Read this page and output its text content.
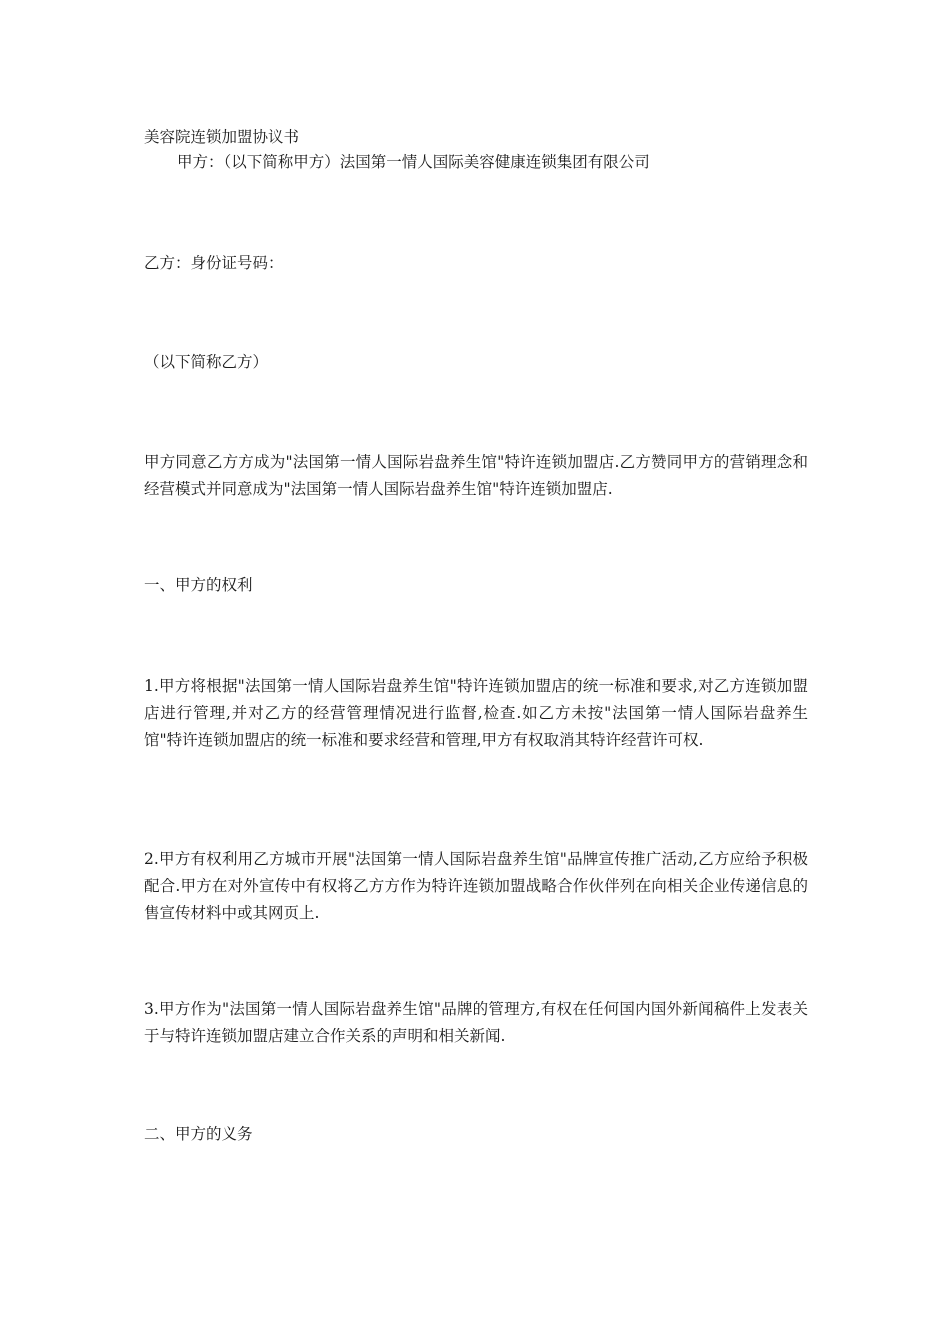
美容院连锁加盟协议书
甲方：（以下简称甲方）法国第一情人国际美容健康连锁集团有限公司
乙方：身份证号码：
（以下简称乙方）
甲方同意乙方方成为"法国第一情人国际岩盘养生馆"特许连锁加盟店.乙方赞同甲方的营销理念和经营模式并同意成为"法国第一情人国际岩盘养生馆"特许连锁加盟店.
一、甲方的权利
1.甲方将根据"法国第一情人国际岩盘养生馆"特许连锁加盟店的统一标准和要求,对乙方连锁加盟店进行管理,并对乙方的经营管理情况进行监督,检查.如乙方未按"法国第一情人国际岩盘养生馆"特许连锁加盟店的统一标准和要求经营和管理,甲方有权取消其特许经营许可权.
2.甲方有权利用乙方城市开展"法国第一情人国际岩盘养生馆"品牌宣传推广活动,乙方应给予积极配合.甲方在对外宣传中有权将乙方方作为特许连锁加盟战略合作伙伴列在向相关企业传递信息的售宣传材料中或其网页上.
3.甲方作为"法国第一情人国际岩盘养生馆"品牌的管理方,有权在任何国内国外新闻稿件上发表关于与特许连锁加盟店建立合作关系的声明和相关新闻.
二、甲方的义务
